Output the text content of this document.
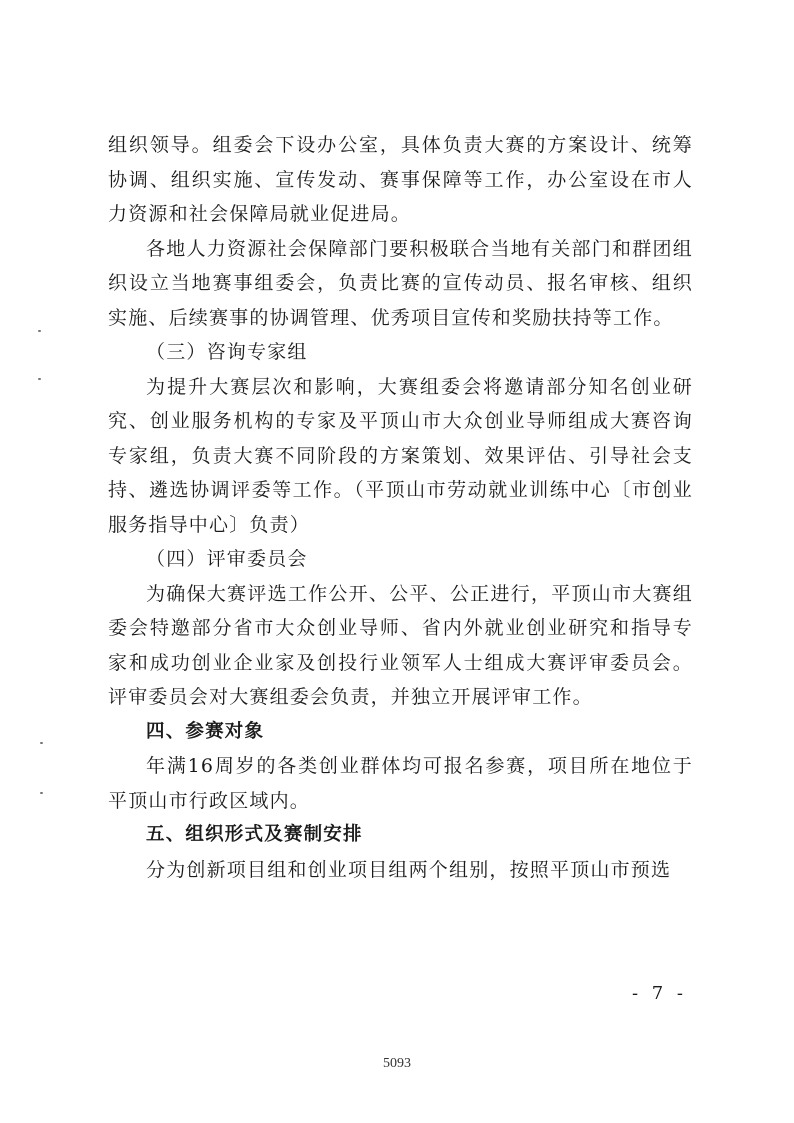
组织领导。组委会下设办公室，具体负责大赛的方案设计、统筹协调、组织实施、宣传发动、赛事保障等工作，办公室设在市人力资源和社会保障局就业促进局。

各地人力资源社会保障部门要积极联合当地有关部门和群团组织设立当地赛事组委会，负责比赛的宣传动员、报名审核、组织实施、后续赛事的协调管理、优秀项目宣传和奖励扶持等工作。

（三）咨询专家组

为提升大赛层次和影响，大赛组委会将邀请部分知名创业研究、创业服务机构的专家及平顶山市大众创业导师组成大赛咨询专家组，负责大赛不同阶段的方案策划、效果评估、引导社会支持、遴选协调评委等工作。（平顶山市劳动就业训练中心〔市创业服务指导中心〕负责）

（四）评审委员会

为确保大赛评选工作公开、公平、公正进行，平顶山市大赛组委会特邀部分省市大众创业导师、省内外就业创业研究和指导专家和成功创业企业家及创投行业领军人士组成大赛评审委员会。评审委员会对大赛组委会负责，并独立开展评审工作。

四、参赛对象

年满16周岁的各类创业群体均可报名参赛，项目所在地位于平顶山市行政区域内。

五、组织形式及赛制安排

分为创新项目组和创业项目组两个组别，按照平顶山市预选

- 7 -
5093
